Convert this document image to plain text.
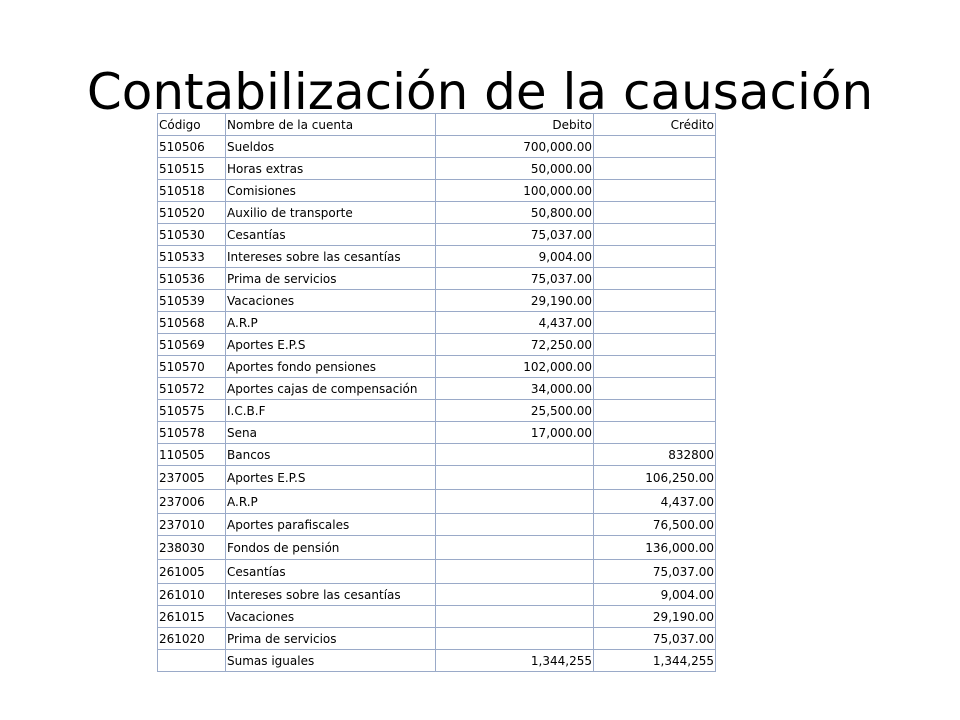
Contabilización de la causación
Código	Nombre de la cuenta	Debito	Crédito
510506	Sueldos	700,000.00	
510515	Horas extras	50,000.00	
510518	Comisiones	100,000.00	
510520	Auxilio de transporte	50,800.00	
510530	Cesantías	75,037.00	
510533	Intereses sobre las cesantías	9,004.00	
510536	Prima de servicios	75,037.00	
510539	Vacaciones	29,190.00	
510568	A.R.P	4,437.00	
510569	Aportes E.P.S	72,250.00	
510570	Aportes fondo pensiones	102,000.00	
510572	Aportes cajas de compensación	34,000.00	
510575	I.C.B.F	25,500.00	
510578	Sena	17,000.00	
110505	Bancos		832800
237005	Aportes E.P.S		106,250.00
237006	A.R.P		4,437.00
237010	Aportes parafiscales		76,500.00
238030	Fondos de pensión		136,000.00
261005	Cesantías		75,037.00
261010	Intereses sobre las cesantías		9,004.00
261015	Vacaciones		29,190.00
261020	Prima de servicios		75,037.00
	Sumas iguales	1,344,255	1,344,255
